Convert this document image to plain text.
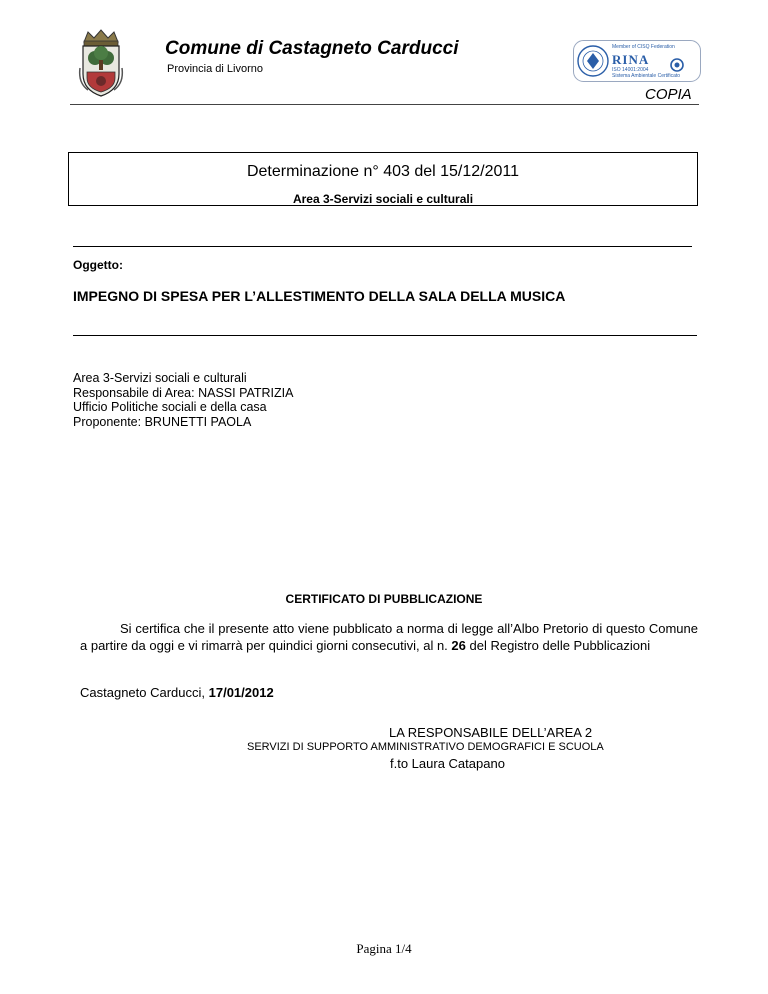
Comune di Castagneto Carducci
Provincia di Livorno
Member of CISQ Federation
RINA
ISO 14001:2004
Sistema Ambientale Certificato
COPIA
Determinazione n° 403 del 15/12/2011
Area 3-Servizi sociali e culturali
Oggetto:
IMPEGNO DI SPESA PER L’ALLESTIMENTO DELLA SALA DELLA MUSICA
Area 3-Servizi sociali e culturali
Responsabile di Area: NASSI PATRIZIA
Ufficio Politiche sociali e della casa
Proponente: BRUNETTI PAOLA
CERTIFICATO DI PUBBLICAZIONE
Si certifica che il presente atto viene pubblicato a norma di legge all’Albo Pretorio di questo Comune a partire da oggi e vi rimarrà per quindici giorni consecutivi, al n. 26 del Registro delle Pubblicazioni
Castagneto Carducci, 17/01/2012
LA RESPONSABILE DELL’AREA 2
SERVIZI DI SUPPORTO AMMINISTRATIVO DEMOGRAFICI E SCUOLA
f.to Laura Catapano
Pagina 1/4
